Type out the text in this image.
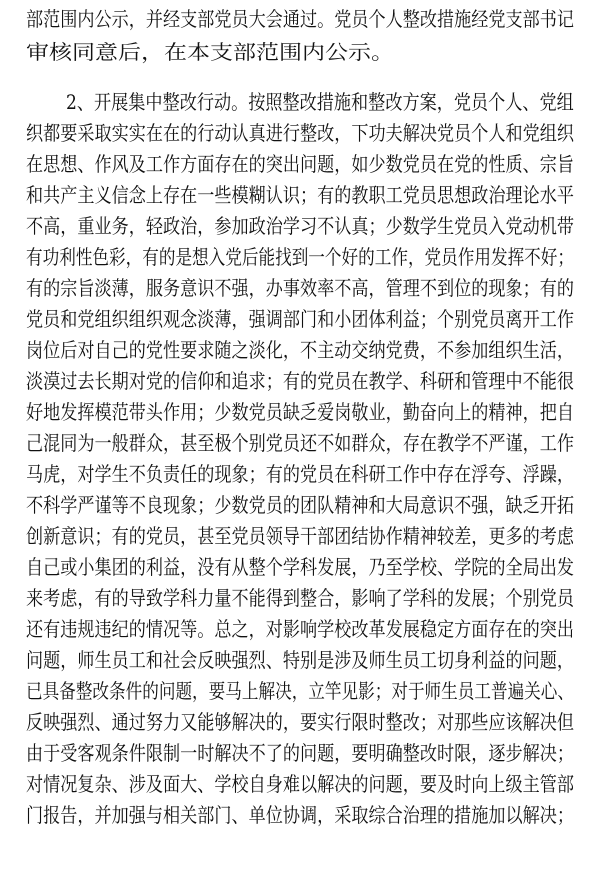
部范围内公示，并经支部党员大会通过。党员个人整改措施经党支部书记
审核同意后，在本支部范围内公示。
2、开展集中整改行动。按照整改措施和整改方案，党员个人、党组
织都要采取实实在在的行动认真进行整改，下功夫解决党员个人和党组织
在思想、作风及工作方面存在的突出问题，如少数党员在党的性质、宗旨
和共产主义信念上存在一些模糊认识；有的教职工党员思想政治理论水平
不高，重业务，轻政治，参加政治学习不认真；少数学生党员入党动机带
有功利性色彩，有的是想入党后能找到一个好的工作，党员作用发挥不好；
有的宗旨淡薄，服务意识不强，办事效率不高，管理不到位的现象；有的
党员和党组织组织观念淡薄，强调部门和小团体利益；个别党员离开工作
岗位后对自己的党性要求随之淡化，不主动交纳党费，不参加组织生活，
淡漠过去长期对党的信仰和追求；有的党员在教学、科研和管理中不能很
好地发挥模范带头作用；少数党员缺乏爱岗敬业，勤奋向上的精神，把自
己混同为一般群众，甚至极个别党员还不如群众，存在教学不严谨，工作
马虎，对学生不负责任的现象；有的党员在科研工作中存在浮夸、浮躁，
不科学严谨等不良现象；少数党员的团队精神和大局意识不强，缺乏开拓
创新意识；有的党员，甚至党员领导干部团结协作精神较差，更多的考虑
自己或小集团的利益，没有从整个学科发展，乃至学校、学院的全局出发
来考虑，有的导致学科力量不能得到整合，影响了学科的发展；个别党员
还有违规违纪的情况等。总之，对影响学校改革发展稳定方面存在的突出
问题，师生员工和社会反映强烈、特别是涉及师生员工切身利益的问题，
已具备整改条件的问题，要马上解决，立竿见影；对于师生员工普遍关心、
反映强烈、通过努力又能够解决的，要实行限时整改；对那些应该解决但
由于受客观条件限制一时解决不了的问题，要明确整改时限，逐步解决；
对情况复杂、涉及面大、学校自身难以解决的问题，要及时向上级主管部
门报告，并加强与相关部门、单位协调，采取综合治理的措施加以解决；
